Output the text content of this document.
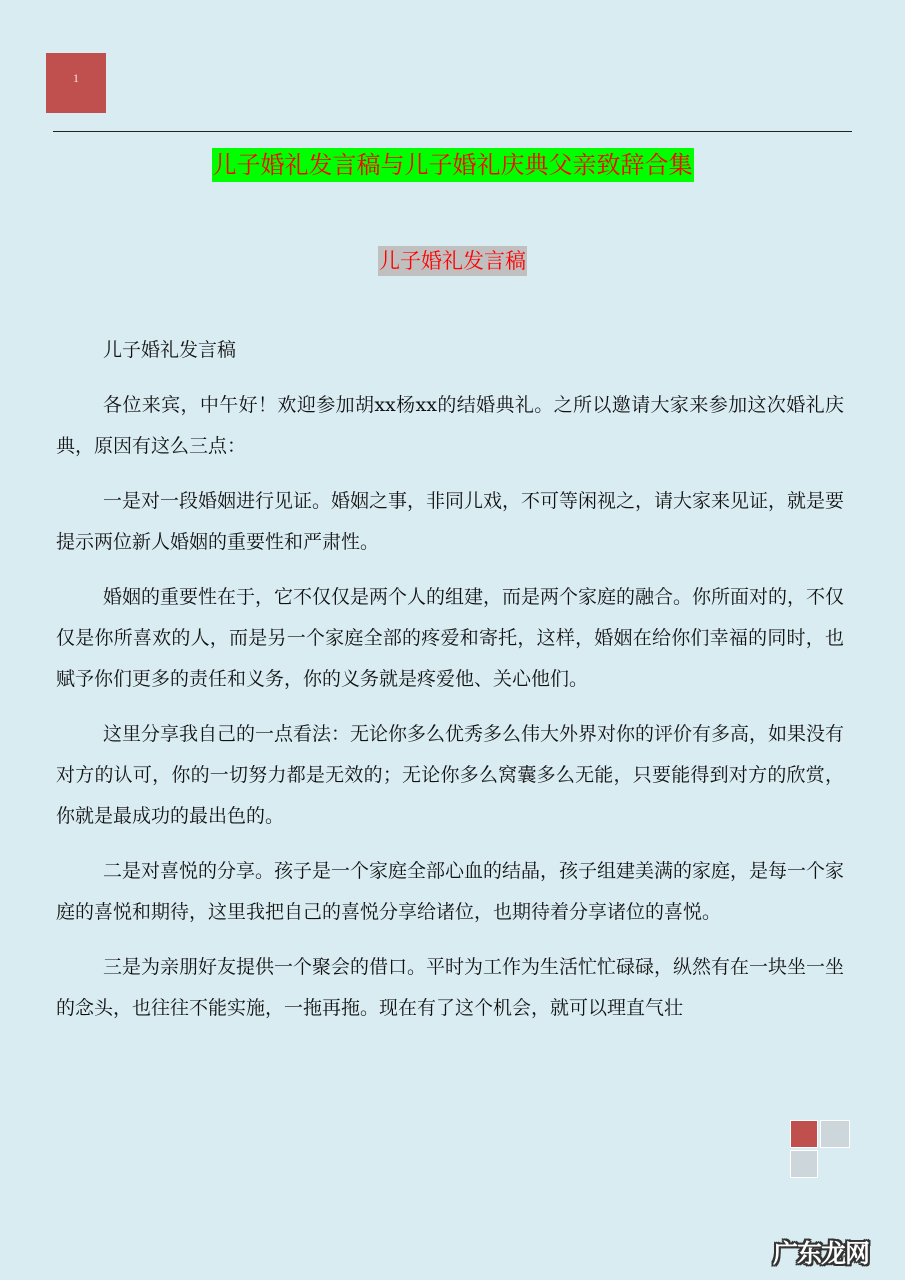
1
儿子婚礼发言稿与儿子婚礼庆典父亲致辞合集
儿子婚礼发言稿

儿子婚礼发言稿

各位来宾，中午好！欢迎参加胡xx杨xx的结婚典礼。之所以邀请大家来参加这次婚礼庆典，原因有这么三点：

一是对一段婚姻进行见证。婚姻之事，非同儿戏，不可等闲视之，请大家来见证，就是要提示两位新人婚姻的重要性和严肃性。

婚姻的重要性在于，它不仅仅是两个人的组建，而是两个家庭的融合。你所面对的，不仅仅是你所喜欢的人，而是另一个家庭全部的疼爱和寄托，这样，婚姻在给你们幸福的同时，也赋予你们更多的责任和义务，你的义务就是疼爱他、关心他们。

这里分享我自己的一点看法：无论你多么优秀多么伟大外界对你的评价有多高，如果没有对方的认可，你的一切努力都是无效的；无论你多么窝囊多么无能，只要能得到对方的欣赏，你就是最成功的最出色的。

二是对喜悦的分享。孩子是一个家庭全部心血的结晶，孩子组建美满的家庭，是每一个家庭的喜悦和期待，这里我把自己的喜悦分享给诸位，也期待着分享诸位的喜悦。

三是为亲朋好友提供一个聚会的借口。平时为工作为生活忙忙碌碌，纵然有在一块坐一坐的念头，也往往不能实施，一拖再拖。现在有了这个机会，就可以理直气壮

广东龙网
